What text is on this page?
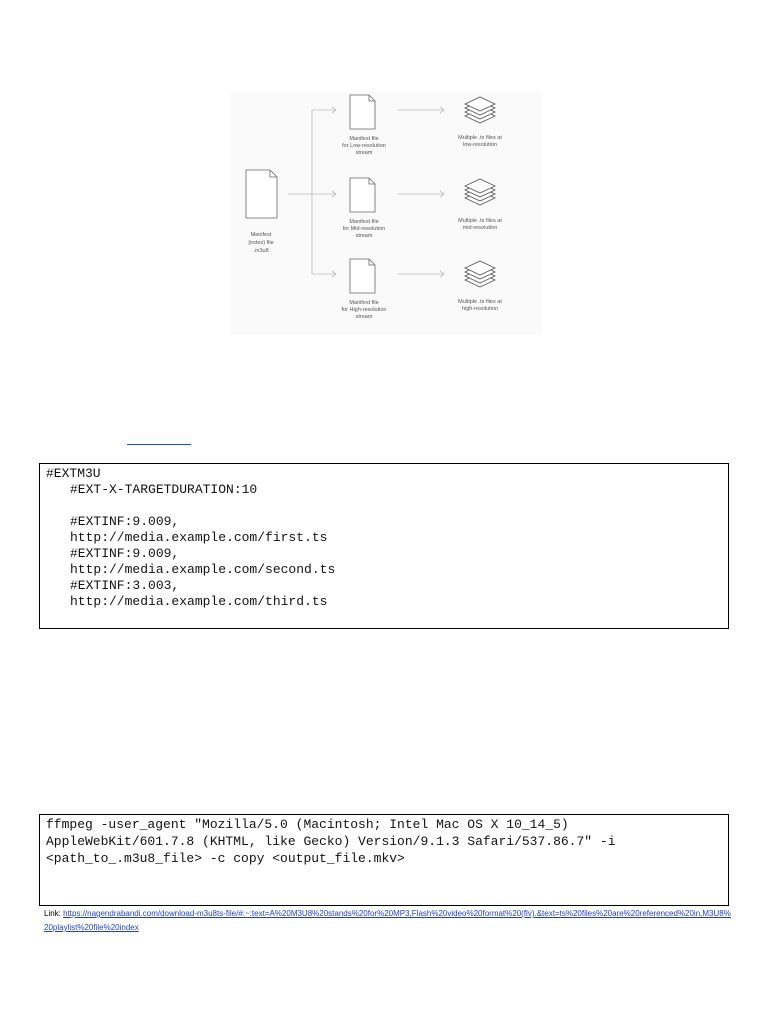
Manifest
(index) file
.m3u8
Manifest file
for Low-resolution
stream
Multiple .ts files at
low-resolution
Manifest file
for Mid-resolution
stream
Multiple .ts files at
mid-resolution
Manifest file
for High-resolution
stream
Multiple .ts files at
high-resolution
#EXTM3U
#EXT-X-TARGETDURATION:10
#EXTINF:9.009,
http://media.example.com/first.ts
#EXTINF:9.009,
http://media.example.com/second.ts
#EXTINF:3.003,
http://media.example.com/third.ts
ffmpeg -user_agent "Mozilla/5.0 (Macintosh; Intel Mac OS X 10_14_5)
AppleWebKit/601.7.8 (KHTML, like Gecko) Version/9.1.3 Safari/537.86.7" -i
<path_to_.m3u8_file> -c copy <output_file.mkv>
Link: https://nagendrabandi.com/download-m3u8ts-file/#:~:text=A%20M3U8%20stands%20for%20MP3,Flash%20video%20format%20(flv).&text=ts%20files%20are%20referenced%20in,M3U8%20playlist%20file%20index
